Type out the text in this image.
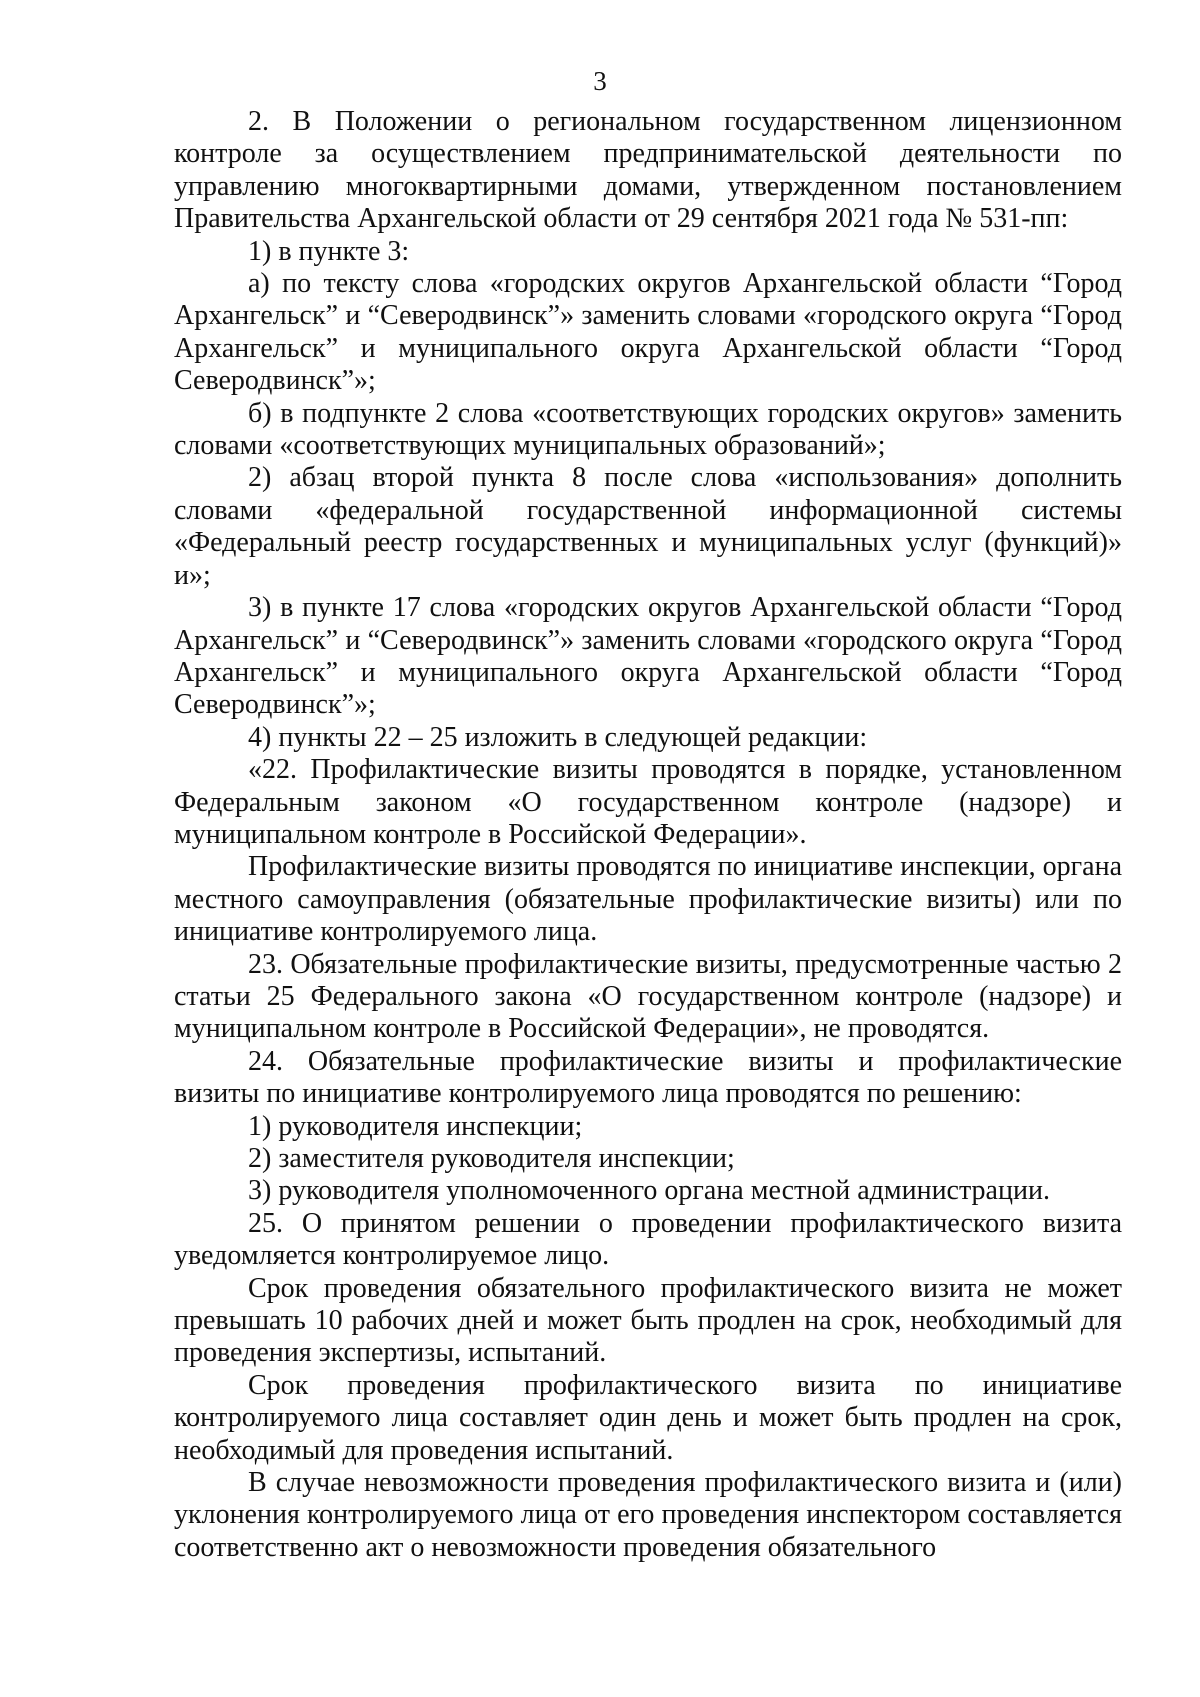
3

2. В Положении о региональном государственном лицензионном контроле за осуществлением предпринимательской деятельности по управлению многоквартирными домами, утвержденном постановлением Правительства Архангельской области от 29 сентября 2021 года № 531-пп:

1) в пункте 3:

а) по тексту слова «городских округов Архангельской области “Город Архангельск” и “Северодвинск”» заменить словами «городского округа “Город Архангельск” и муниципального округа Архангельской области “Город Северодвинск”»;

б) в подпункте 2 слова «соответствующих городских округов» заменить словами «соответствующих муниципальных образований»;

2) абзац второй пункта 8 после слова «использования» дополнить словами «федеральной государственной информационной системы «Федеральный реестр государственных и муниципальных услуг (функций)» и»;

3) в пункте 17 слова «городских округов Архангельской области “Город Архангельск” и “Северодвинск”» заменить словами «городского округа “Город Архангельск” и муниципального округа Архангельской области “Город Северодвинск”»;

4) пункты 22 – 25 изложить в следующей редакции:

«22. Профилактические визиты проводятся в порядке, установленном Федеральным законом «О государственном контроле (надзоре) и муниципальном контроле в Российской Федерации».

Профилактические визиты проводятся по инициативе инспекции, органа местного самоуправления (обязательные профилактические визиты) или по инициативе контролируемого лица.

23. Обязательные профилактические визиты, предусмотренные частью 2 статьи 25 Федерального закона «О государственном контроле (надзоре) и муниципальном контроле в Российской Федерации», не проводятся.

24. Обязательные профилактические визиты и профилактические визиты по инициативе контролируемого лица проводятся по решению:

1) руководителя инспекции;

2) заместителя руководителя инспекции;

3) руководителя уполномоченного органа местной администрации.

25. О принятом решении о проведении профилактического визита уведомляется контролируемое лицо.

Срок проведения обязательного профилактического визита не может превышать 10 рабочих дней и может быть продлен на срок, необходимый для проведения экспертизы, испытаний.

Срок проведения профилактического визита по инициативе контролируемого лица составляет один день и может быть продлен на срок, необходимый для проведения испытаний.

В случае невозможности проведения профилактического визита и (или) уклонения контролируемого лица от его проведения инспектором составляется соответственно акт о невозможности проведения обязательного
